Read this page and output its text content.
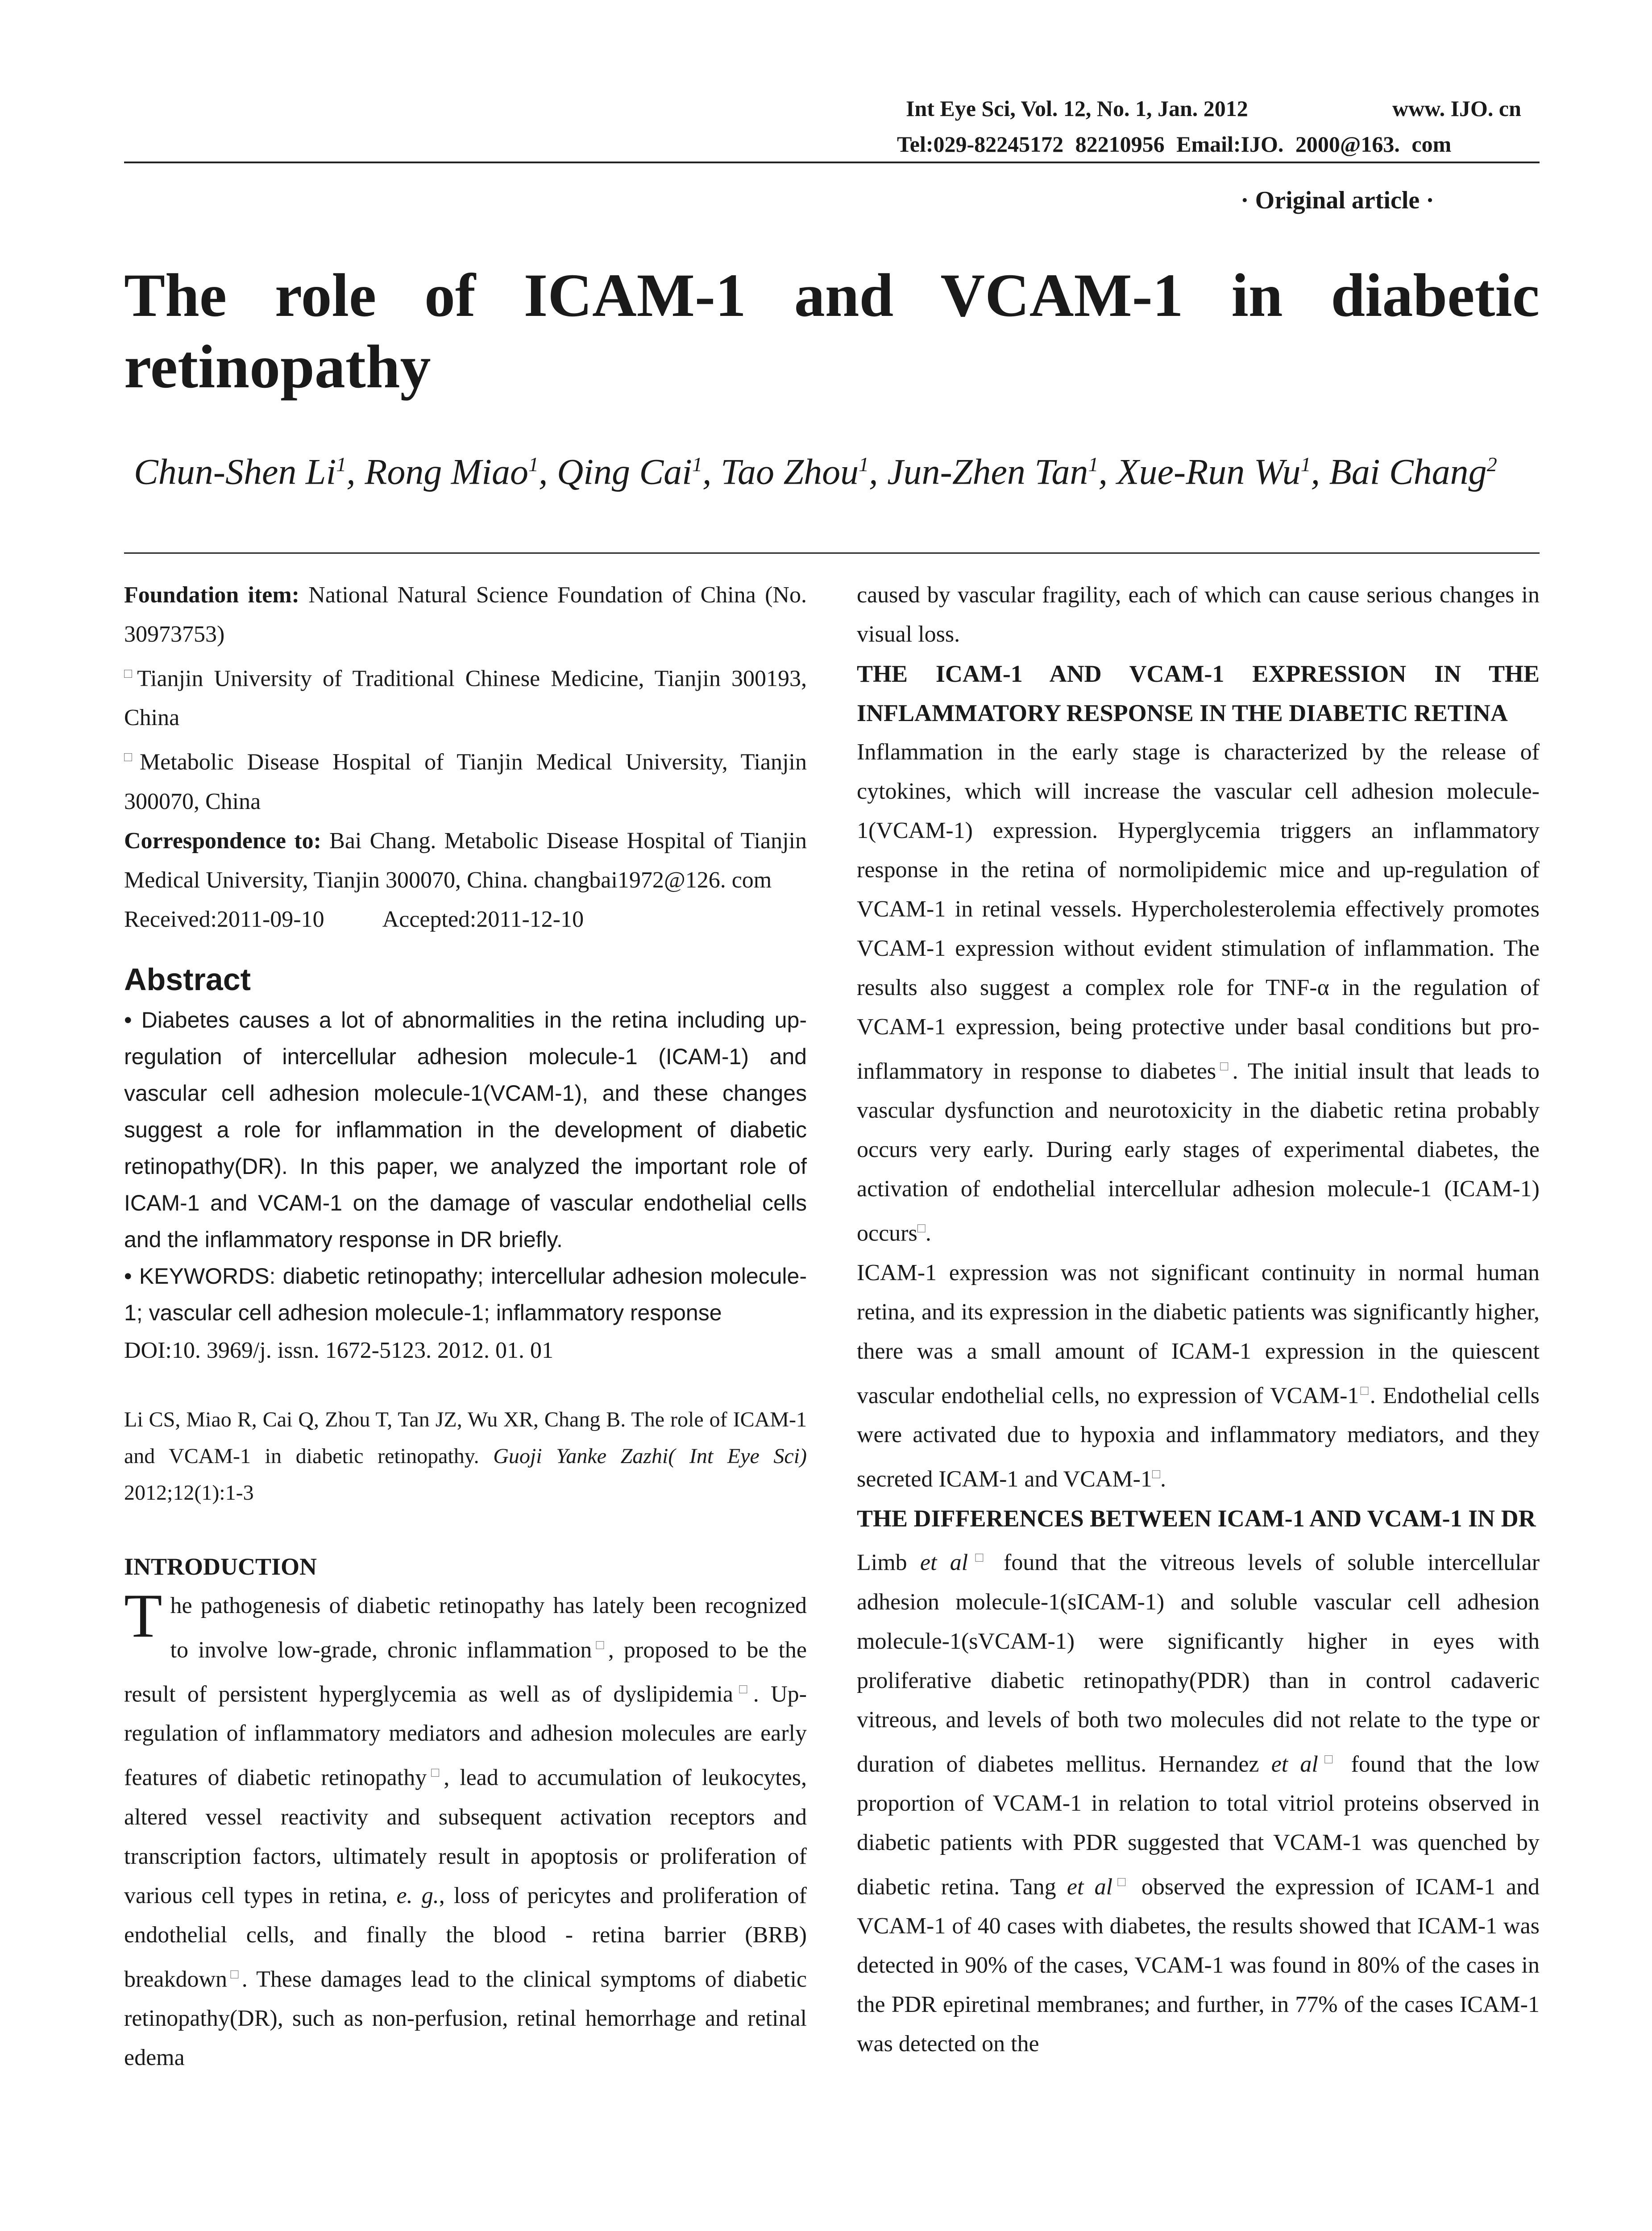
Int Eye Sci, Vol. 12, No. 1, Jan. 2012	www. IJO. cn
Tel:029-82245172 82210956 Email:IJO. 2000@163. com
· Original article ·
The role of ICAM-1 and VCAM-1 in diabetic retinopathy
Chun-Shen Li$^1$, Rong Miao$^1$, Qing Cai$^1$, Tao Zhou$^1$, Jun-Zhen Tan$^1$, Xue-Run Wu$^1$, Bai Chang$^2$

Foundation item: National Natural Science Foundation of China (No. 30973753)

□Tianjin University of Traditional Chinese Medicine, Tianjin 300193, China

□Metabolic Disease Hospital of Tianjin Medical University, Tianjin 300070, China

Correspondence to: Bai Chang. Metabolic Disease Hospital of Tianjin Medical University, Tianjin 300070, China. changbai1972@126. com

Received:2011-09-10	Accepted:2011-12-10

Abstract
• Diabetes causes a lot of abnormalities in the retina including up-regulation of intercellular adhesion molecule-1 (ICAM-1) and vascular cell adhesion molecule-1(VCAM-1), and these changes suggest a role for inflammation in the development of diabetic retinopathy(DR). In this paper, we analyzed the important role of ICAM-1 and VCAM-1 on the damage of vascular endothelial cells and the inflammatory response in DR briefly.
• KEYWORDS: diabetic retinopathy; intercellular adhesion molecule-1; vascular cell adhesion molecule-1; inflammatory response

DOI:10. 3969/j. issn. 1672-5123. 2012. 01. 01

Li CS, Miao R, Cai Q, Zhou T, Tan JZ, Wu XR, Chang B. The role of ICAM-1 and VCAM-1 in diabetic retinopathy. Guoji Yanke Zazhi( Int Eye Sci) 2012;12(1):1-3
INTRODUCTION

The pathogenesis of diabetic retinopathy has lately been recognized to involve low-grade, chronic inflammation□, proposed to be the result of persistent hyperglycemia as well as of dyslipidemia□. Up-regulation of inflammatory mediators and adhesion molecules are early features of diabetic retinopathy□, lead to accumulation of leukocytes, altered vessel reactivity and subsequent activation receptors and transcription factors, ultimately result in apoptosis or proliferation of various cell types in retina, e. g., loss of pericytes and proliferation of endothelial cells, and finally the blood - retina barrier (BRB) breakdown□. These damages lead to the clinical symptoms of diabetic retinopathy(DR), such as non-perfusion, retinal hemorrhage and retinal edema

caused by vascular fragility, each of which can cause serious changes in visual loss.

THE ICAM-1 AND VCAM-1 EXPRESSION IN THE INFLAMMATORY RESPONSE IN THE DIABETIC RETINA

Inflammation in the early stage is characterized by the release of cytokines, which will increase the vascular cell adhesion molecule-1(VCAM-1) expression. Hyperglycemia triggers an inflammatory response in the retina of normolipidemic mice and up-regulation of VCAM-1 in retinal vessels. Hypercholesterolemia effectively promotes VCAM-1 expression without evident stimulation of inflammation. The results also suggest a complex role for TNF-α in the regulation of VCAM-1 expression, being protective under basal conditions but pro-inflammatory in response to diabetes□. The initial insult that leads to vascular dysfunction and neurotoxicity in the diabetic retina probably occurs very early. During early stages of experimental diabetes, the activation of endothelial intercellular adhesion molecule-1 (ICAM-1) occurs□.

ICAM-1 expression was not significant continuity in normal human retina, and its expression in the diabetic patients was significantly higher, there was a small amount of ICAM-1 expression in the quiescent vascular endothelial cells, no expression of VCAM-1□. Endothelial cells were activated due to hypoxia and inflammatory mediators, and they secreted ICAM-1 and VCAM-1□.

THE DIFFERENCES BETWEEN ICAM-1 AND VCAM-1 IN DR

Limb et al□ found that the vitreous levels of soluble intercellular adhesion molecule-1(sICAM-1) and soluble vascular cell adhesion molecule-1(sVCAM-1) were significantly higher in eyes with proliferative diabetic retinopathy(PDR) than in control cadaveric vitreous, and levels of both two molecules did not relate to the type or duration of diabetes mellitus. Hernandez et al□ found that the low proportion of VCAM-1 in relation to total vitriol proteins observed in diabetic patients with PDR suggested that VCAM-1 was quenched by diabetic retina. Tang et al□ observed the expression of ICAM-1 and VCAM-1 of 40 cases with diabetes, the results showed that ICAM-1 was detected in 90% of the cases, VCAM-1 was found in 80% of the cases in the PDR epiretinal membranes; and further, in 77% of the cases ICAM-1 was detected on the
